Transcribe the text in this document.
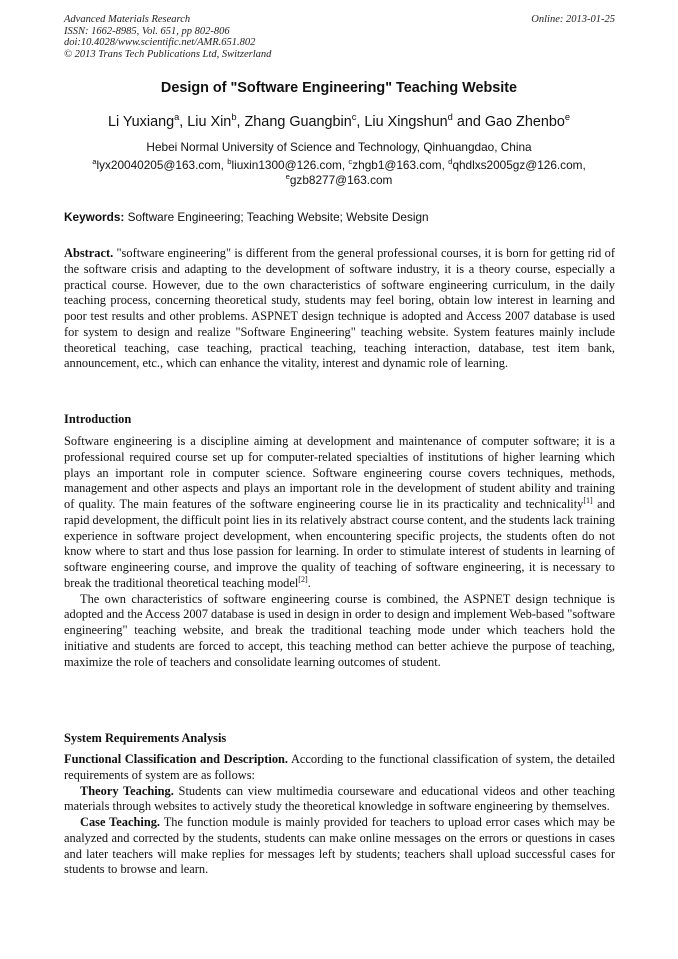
Advanced Materials Research
ISSN: 1662-8985, Vol. 651, pp 802-806
doi:10.4028/www.scientific.net/AMR.651.802
© 2013 Trans Tech Publications Ltd, Switzerland
Online: 2013-01-25
Design of "Software Engineering" Teaching Website
Li Yuxiang$^a$, Liu Xin$^b$, Zhang Guangbin$^c$, Liu Xingshun$^d$ and Gao Zhenbo$^e$
Hebei Normal University of Science and Technology, Qinhuangdao, China
$^a$lyx20040205@163.com, $^b$liuxin1300@126.com, $^c$zhgb1@163.com, $^d$qhdlxs2005gz@126.com, $^e$gzb8277@163.com
Keywords: Software Engineering; Teaching Website; Website Design

Abstract. "software engineering" is different from the general professional courses, it is born for getting rid of the software crisis and adapting to the development of software industry, it is a theory course, especially a practical course. However, due to the own characteristics of software engineering curriculum, in the daily teaching process, concerning theoretical study, students may feel boring, obtain low interest in learning and poor test results and other problems. ASPNET design technique is adopted and Access 2007 database is used for system to design and realize "Software Engineering" teaching website. System features mainly include theoretical teaching, case teaching, practical teaching, teaching interaction, database, test item bank, announcement, etc., which can enhance the vitality, interest and dynamic role of learning.

Introduction

Software engineering is a discipline aiming at development and maintenance of computer software; it is a professional required course set up for computer-related specialties of institutions of higher learning which plays an important role in computer science. Software engineering course covers techniques, methods, management and other aspects and plays an important role in the development of student ability and training of quality. The main features of the software engineering course lie in its practicality and technicality[1] and rapid development, the difficult point lies in its relatively abstract course content, and the students lack training experience in software project development, when encountering specific projects, the students often do not know where to start and thus lose passion for learning. In order to stimulate interest of students in learning of software engineering course, and improve the quality of teaching of software engineering, it is necessary to break the traditional theoretical teaching model[2].

The own characteristics of software engineering course is combined, the ASPNET design technique is adopted and the Access 2007 database is used in design in order to design and implement Web-based "software engineering" teaching website, and break the traditional teaching mode under which teachers hold the initiative and students are forced to accept, this teaching method can better achieve the purpose of teaching, maximize the role of teachers and consolidate learning outcomes of student.

System Requirements Analysis

Functional Classification and Description. According to the functional classification of system, the detailed requirements of system are as follows:

Theory Teaching. Students can view multimedia courseware and educational videos and other teaching materials through websites to actively study the theoretical knowledge in software engineering by themselves.

Case Teaching. The function module is mainly provided for teachers to upload error cases which may be analyzed and corrected by the students, students can make online messages on the errors or questions in cases and later teachers will make replies for messages left by students; teachers shall upload successful cases for students to browse and learn.
